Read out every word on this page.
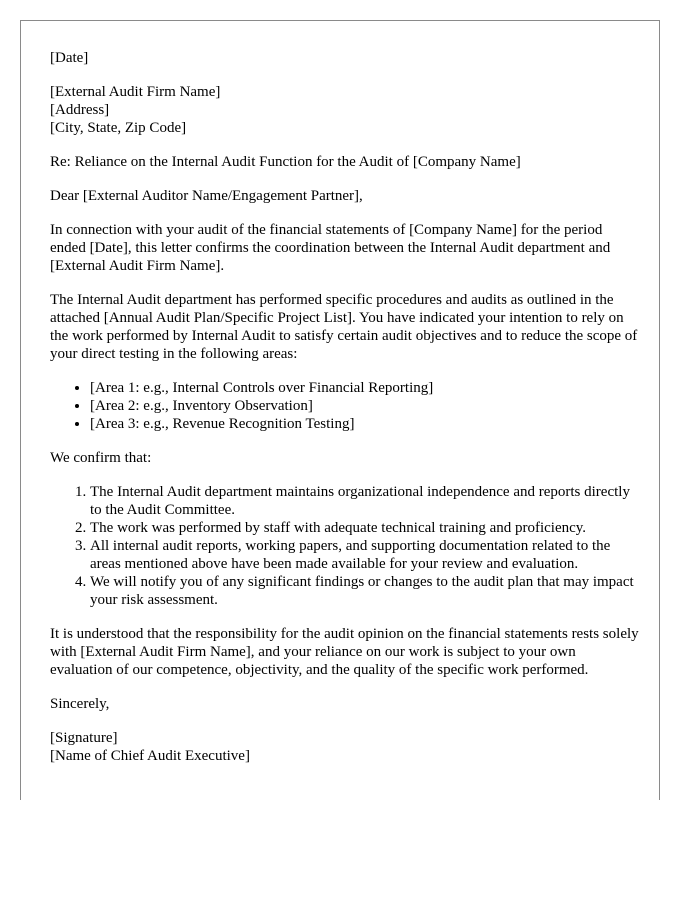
[Date]

[External Audit Firm Name]
[Address]
[City, State, Zip Code]

Re: Reliance on the Internal Audit Function for the Audit of [Company Name]

Dear [External Auditor Name/Engagement Partner],

In connection with your audit of the financial statements of [Company Name] for the period ended [Date], this letter confirms the coordination between the Internal Audit department and [External Audit Firm Name].

The Internal Audit department has performed specific procedures and audits as outlined in the attached [Annual Audit Plan/Specific Project List]. You have indicated your intention to rely on the work performed by Internal Audit to satisfy certain audit objectives and to reduce the scope of your direct testing in the following areas:

• [Area 1: e.g., Internal Controls over Financial Reporting]
• [Area 2: e.g., Inventory Observation]
• [Area 3: e.g., Revenue Recognition Testing]

We confirm that:

1. The Internal Audit department maintains organizational independence and reports directly to the Audit Committee.
2. The work was performed by staff with adequate technical training and proficiency.
3. All internal audit reports, working papers, and supporting documentation related to the areas mentioned above have been made available for your review and evaluation.
4. We will notify you of any significant findings or changes to the audit plan that may impact your risk assessment.

It is understood that the responsibility for the audit opinion on the financial statements rests solely with [External Audit Firm Name], and your reliance on our work is subject to your own evaluation of our competence, objectivity, and the quality of the specific work performed.

Sincerely,

[Signature]
[Name of Chief Audit Executive]
